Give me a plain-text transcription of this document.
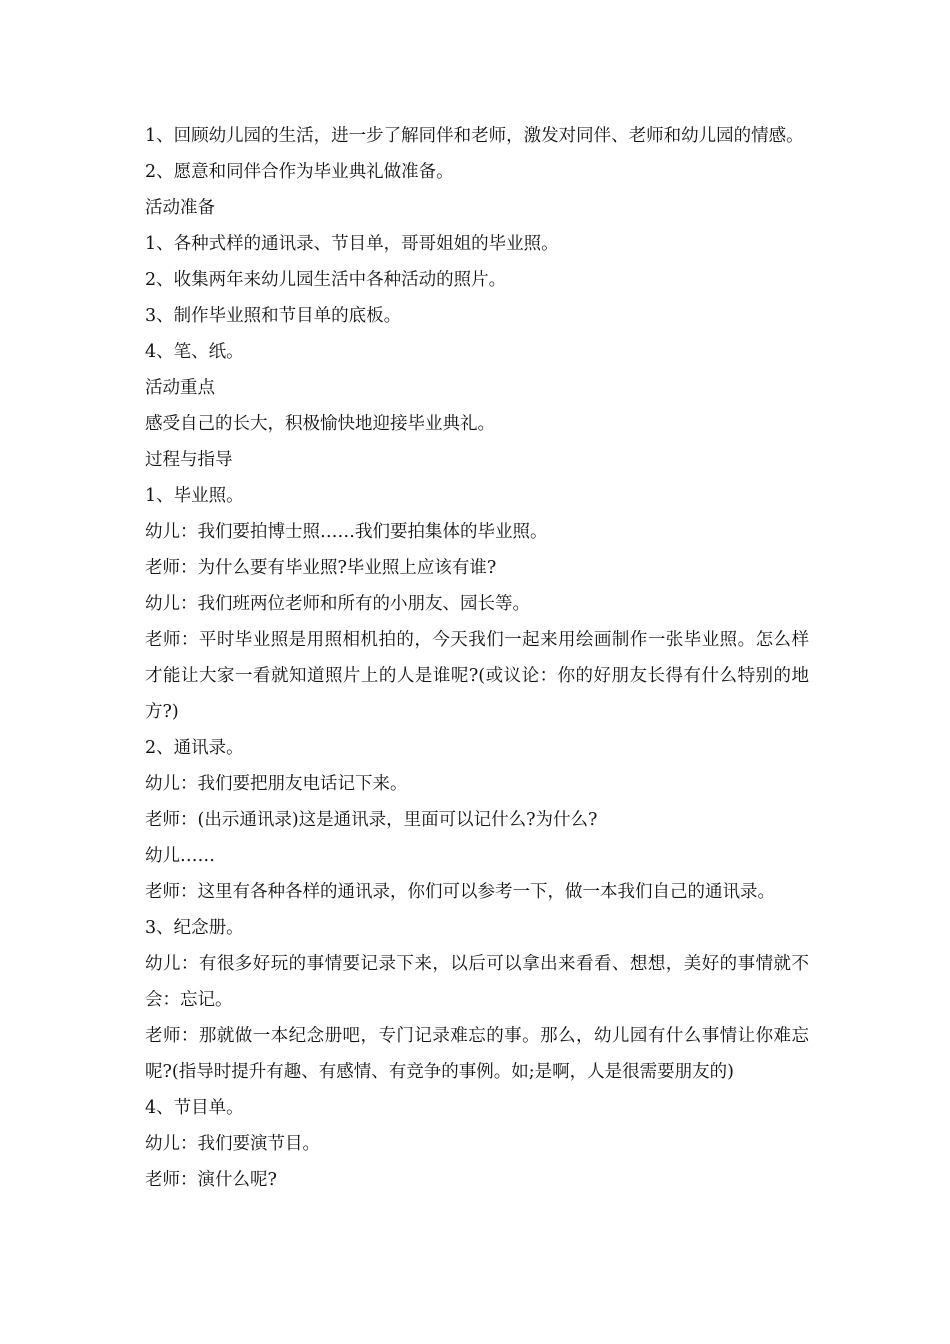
1、回顾幼儿园的生活，进一步了解同伴和老师，激发对同伴、老师和幼儿园的情感。

2、愿意和同伴合作为毕业典礼做准备。

活动准备

1、各种式样的通讯录、节目单，哥哥姐姐的毕业照。

2、收集两年来幼儿园生活中各种活动的照片。

3、制作毕业照和节目单的底板。

4、笔、纸。

活动重点

感受自己的长大，积极愉快地迎接毕业典礼。

过程与指导

1、毕业照。

幼儿：我们要拍博士照……我们要拍集体的毕业照。

老师：为什么要有毕业照?毕业照上应该有谁?

幼儿：我们班两位老师和所有的小朋友、园长等。

老师：平时毕业照是用照相机拍的，今天我们一起来用绘画制作一张毕业照。怎么样才能让大家一看就知道照片上的人是谁呢?(或议论：你的好朋友长得有什么特别的地方?)

2、通讯录。

幼儿：我们要把朋友电话记下来。

老师：(出示通讯录)这是通讯录，里面可以记什么?为什么?

幼儿……

老师：这里有各种各样的通讯录，你们可以参考一下，做一本我们自己的通讯录。

3、纪念册。

幼儿：有很多好玩的事情要记录下来，以后可以拿出来看看、想想，美好的事情就不会：忘记。

老师：那就做一本纪念册吧，专门记录难忘的事。那么，幼儿园有什么事情让你难忘呢?(指导时提升有趣、有感情、有竞争的事例。如;是啊，人是很需要朋友的)

4、节目单。

幼儿：我们要演节目。

老师：演什么呢?
